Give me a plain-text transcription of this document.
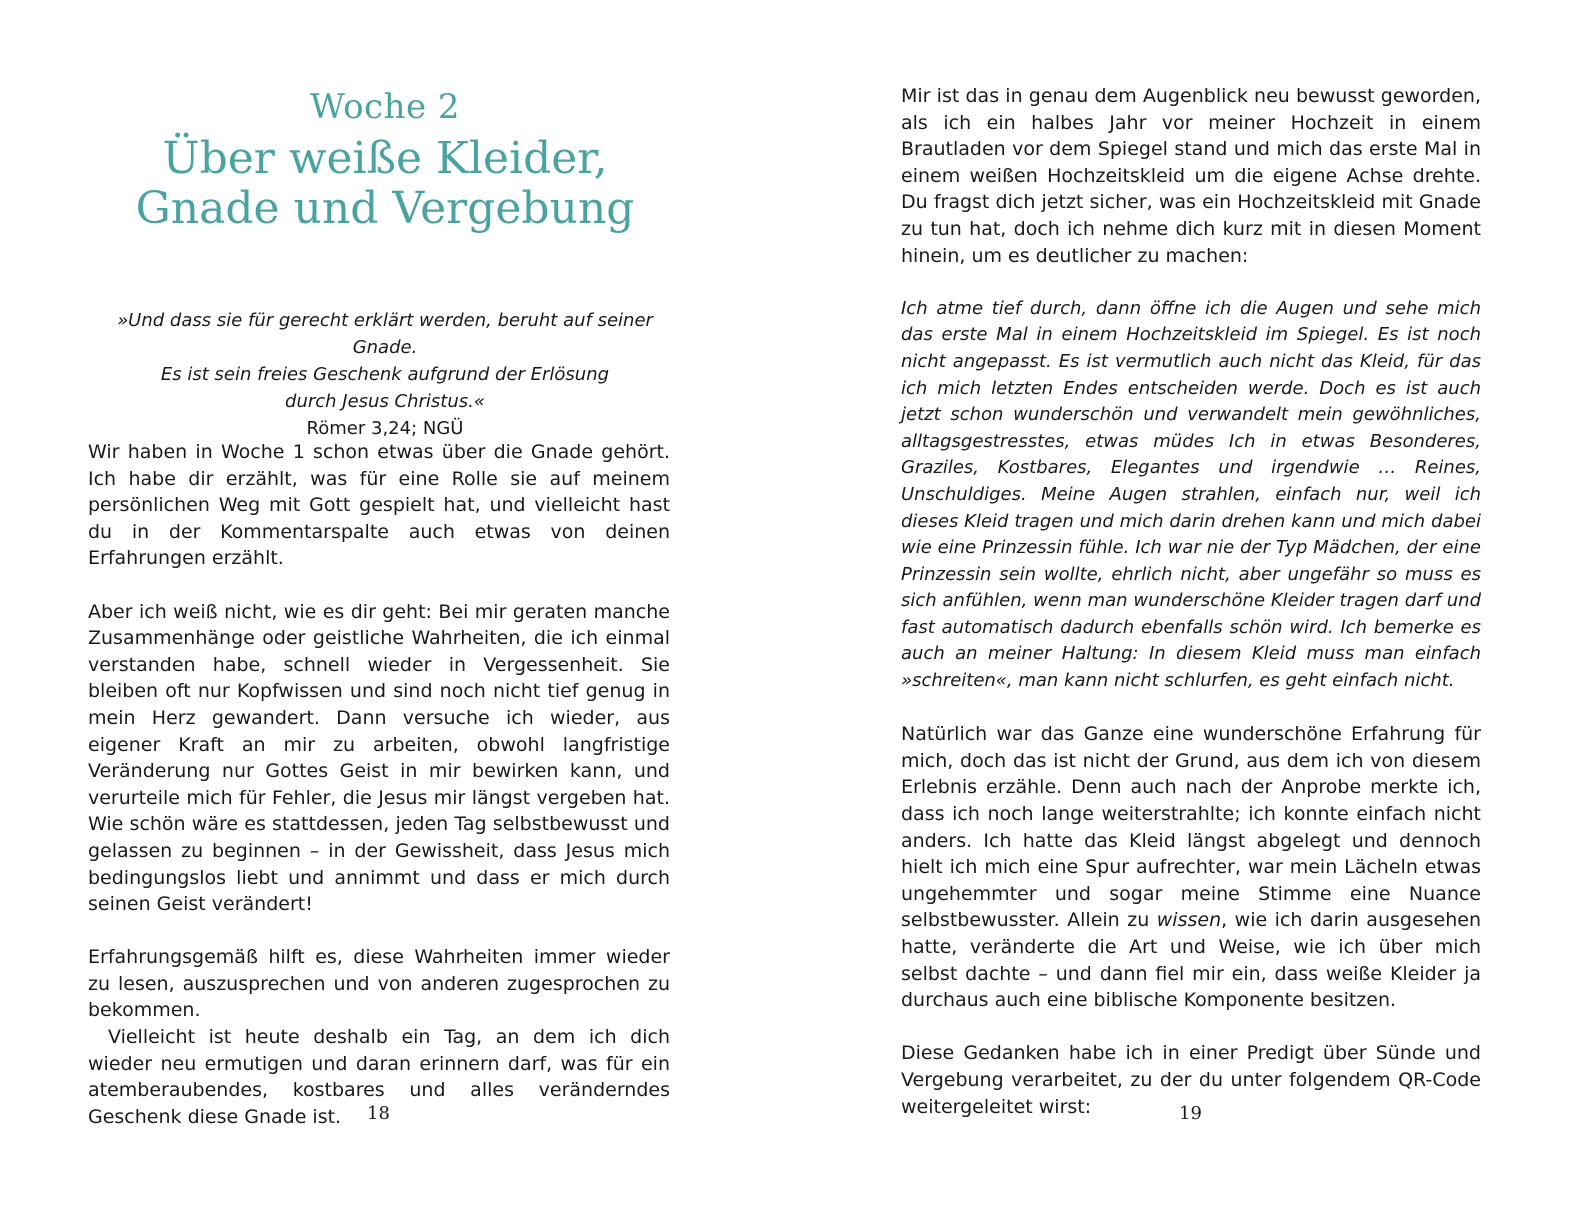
Woche 2
Über weiße Kleider, Gnade und Vergebung
»Und dass sie für gerecht erklärt werden, beruht auf seiner Gnade.
Es ist sein freies Geschenk aufgrund der Erlösung
durch Jesus Christus.«
Römer 3,24; NGÜ

Wir haben in Woche 1 schon etwas über die Gnade gehört. Ich habe dir erzählt, was für eine Rolle sie auf meinem persönlichen Weg mit Gott gespielt hat, und vielleicht hast du in der Kommentarspalte auch etwas von deinen Erfahrungen erzählt.

Aber ich weiß nicht, wie es dir geht: Bei mir geraten manche Zusammenhänge oder geistliche Wahrheiten, die ich einmal verstanden habe, schnell wieder in Vergessenheit. Sie bleiben oft nur Kopfwissen und sind noch nicht tief genug in mein Herz gewandert. Dann versuche ich wieder, aus eigener Kraft an mir zu arbeiten, obwohl langfristige Veränderung nur Gottes Geist in mir bewirken kann, und verurteile mich für Fehler, die Jesus mir längst vergeben hat. Wie schön wäre es stattdessen, jeden Tag selbstbewusst und gelassen zu beginnen – in der Gewissheit, dass Jesus mich bedingungslos liebt und annimmt und dass er mich durch seinen Geist verändert!

Erfahrungsgemäß hilft es, diese Wahrheiten immer wieder zu lesen, auszusprechen und von anderen zugesprochen zu bekommen.

Vielleicht ist heute deshalb ein Tag, an dem ich dich wieder neu ermutigen und daran erinnern darf, was für ein atemberaubendes, kostbares und alles veränderndes Geschenk diese Gnade ist.	18

Mir ist das in genau dem Augenblick neu bewusst geworden, als ich ein halbes Jahr vor meiner Hochzeit in einem Brautladen vor dem Spiegel stand und mich das erste Mal in einem weißen Hochzeitskleid um die eigene Achse drehte. Du fragst dich jetzt sicher, was ein Hochzeitskleid mit Gnade zu tun hat, doch ich nehme dich kurz mit in diesen Moment hinein, um es deutlicher zu machen:

Ich atme tief durch, dann öffne ich die Augen und sehe mich das erste Mal in einem Hochzeitskleid im Spiegel. Es ist noch nicht angepasst. Es ist vermutlich auch nicht das Kleid, für das ich mich letzten Endes entscheiden werde. Doch es ist auch jetzt schon wunderschön und verwandelt mein gewöhnliches, alltagsgestresstes, etwas müdes Ich in etwas Besonderes, Graziles, Kostbares, Elegantes und irgendwie … Reines, Unschuldiges. Meine Augen strahlen, einfach nur, weil ich dieses Kleid tragen und mich darin drehen kann und mich dabei wie eine Prinzessin fühle. Ich war nie der Typ Mädchen, der eine Prinzessin sein wollte, ehrlich nicht, aber ungefähr so muss es sich anfühlen, wenn man wunderschöne Kleider tragen darf und fast automatisch dadurch ebenfalls schön wird. Ich bemerke es auch an meiner Haltung: In diesem Kleid muss man einfach »schreiten«, man kann nicht schlurfen, es geht einfach nicht.

Natürlich war das Ganze eine wunderschöne Erfahrung für mich, doch das ist nicht der Grund, aus dem ich von diesem Erlebnis erzähle. Denn auch nach der Anprobe merkte ich, dass ich noch lange weiterstrahlte; ich konnte einfach nicht anders. Ich hatte das Kleid längst abgelegt und dennoch hielt ich mich eine Spur aufrechter, war mein Lächeln etwas ungehemmter und sogar meine Stimme eine Nuance selbstbewusster. Allein zu wissen, wie ich darin ausgesehen hatte, veränderte die Art und Weise, wie ich über mich selbst dachte – und dann fiel mir ein, dass weiße Kleider ja durchaus auch eine biblische Komponente besitzen.

Diese Gedanken habe ich in einer Predigt über Sünde und Vergebung verarbeitet, zu der du unter folgendem QR-Code weitergeleitet wirst:	19
